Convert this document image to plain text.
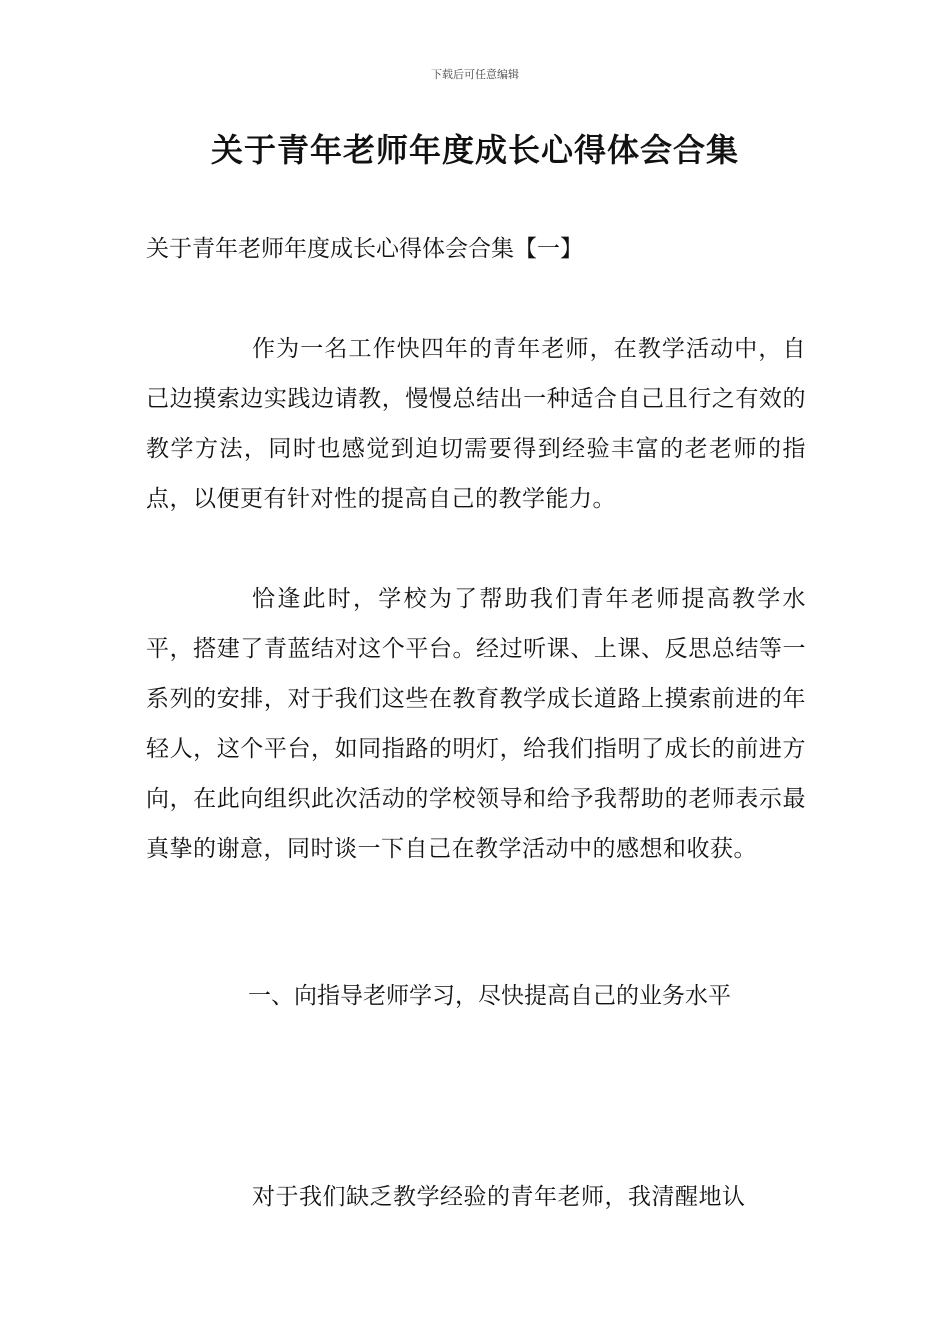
下载后可任意编辑
关于青年老师年度成长心得体会合集

关于青年老师年度成长心得体会合集【一】

作为一名工作快四年的青年老师，在教学活动中，自己边摸索边实践边请教，慢慢总结出一种适合自己且行之有效的教学方法，同时也感觉到迫切需要得到经验丰富的老老师的指点，以便更有针对性的提高自己的教学能力。

恰逢此时，学校为了帮助我们青年老师提高教学水平，搭建了青蓝结对这个平台。经过听课、上课、反思总结等一系列的安排，对于我们这些在教育教学成长道路上摸索前进的年轻人，这个平台，如同指路的明灯，给我们指明了成长的前进方向，在此向组织此次活动的学校领导和给予我帮助的老师表示最真挚的谢意，同时谈一下自己在教学活动中的感想和收获。

一、向指导老师学习，尽快提高自己的业务水平

对于我们缺乏教学经验的青年老师，我清醒地认
